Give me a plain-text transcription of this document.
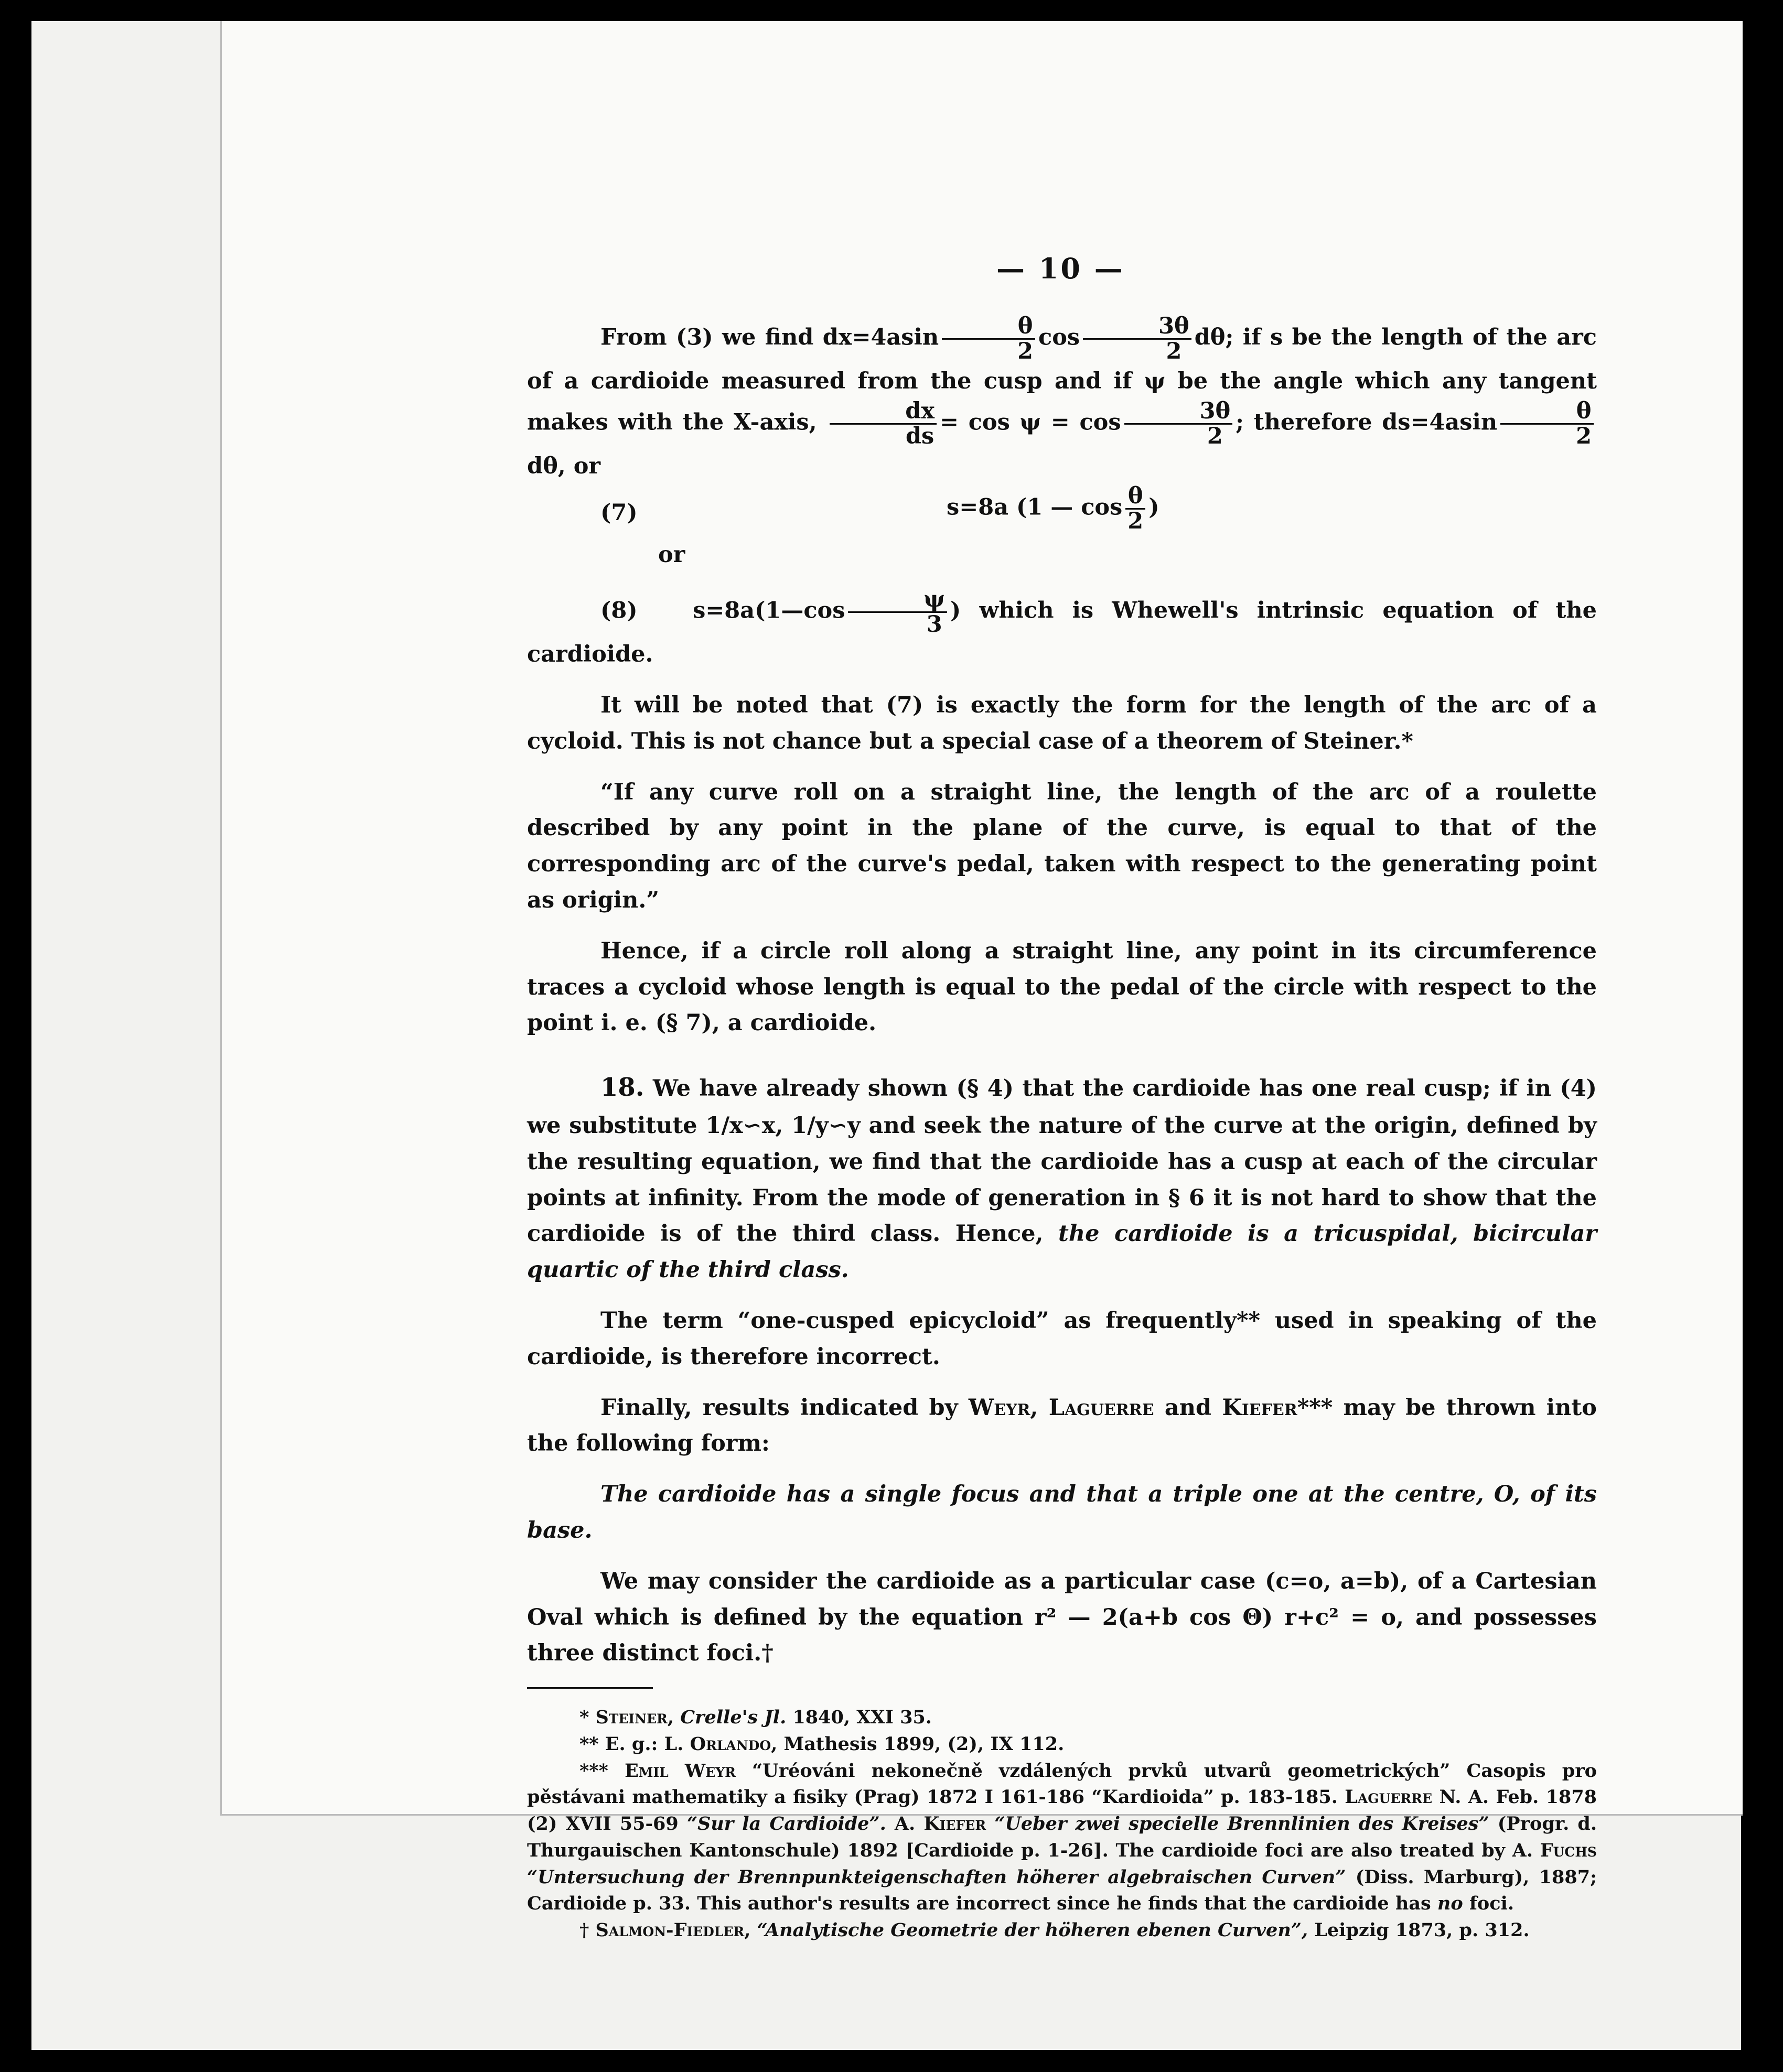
— 10 —

From (3) we find $dx=4asin \frac{\theta}{2}$ $\cos \frac{3\theta}{2} d\theta$; if s be the length of the arc of a cardioide measured from the cusp and if ψ be the angle which any tangent makes with the X-axis, $\frac{dx}{ds} = \cos \psi = \cos \frac{3\theta}{2}$ ; therefore $ds=4asin \frac{\theta}{2}$
dθ, or

(7)	s=8a (1 — $\cos \frac{\theta}{2}$ )

or

(8) s=8a(1—cos $\frac{\psi}{3}$ ) which is Whewell's intrinsic equation of the cardioide.

It will be noted that (7) is exactly the form for the length of the arc of a cycloid. This is not chance but a special case of a theorem of Steiner.*

“If any curve roll on a straight line, the length of the arc of a roulette described by any point in the plane of the curve, is equal to that of the corresponding arc of the curve's pedal, taken with respect to the generating point as origin.”

Hence, if a circle roll along a straight line, any point in its circumference traces a cycloid whose length is equal to the pedal of the circle with respect to the point i. e. (§ 7), a cardioide.

18. We have already shown (§ 4) that the cardioide has one real cusp; if in (4) we substitute 1/x∽x, 1/y∽y and seek the nature of the curve at the origin, defined by the resulting equation, we find that the cardioide has a cusp at each of the circular points at infinity. From the mode of generation in § 6 it is not hard to show that the cardioide is of the third class. Hence, the cardioide is a tricuspidal, bicircular quartic of the third class.

The term “one-cusped epicycloid” as frequently** used in speaking of the cardioide, is therefore incorrect.

Finally, results indicated by Weyr, Laguerre and Kiefer*** may be thrown into the following form:

The cardioide has a single focus and that a triple one at the centre, O, of its base.

We may consider the cardioide as a particular case (c=o, a=b), of a Cartesian Oval which is defined by the equation r² — 2(a+b cos Θ) r+c² = o, and possesses three distinct foci.†

* Steiner, Crelle's Jl. 1840, XXI 35.

** E. g.: L. Orlando, Mathesis 1899, (2), IX 112.

*** Emil Weyr “Uréováni nekonečně vzdálených prvků utvarů geometrických” Casopis pro pěstávani mathematiky a fisiky (Prag) 1872 I 161-186 “Kardioida” p. 183-185. Laguerre N. A. Feb. 1878 (2) XVII 55-69 “Sur la Cardioide”. A. Kiefer “Ueber zwei specielle Brennlinien des Kreises” (Progr. d. Thurgauischen Kantonschule) 1892 [Cardioide p. 1-26]. The cardioide foci are also treated by A. Fuchs “Untersuchung der Brennpunkteigenschaften höherer algebraischen Curven” (Diss. Marburg), 1887; Cardioide p. 33. This author's results are incorrect since he finds that the cardioide has no foci.

† Salmon-Fiedler, “Analytische Geometrie der höheren ebenen Curven”, Leipzig 1873, p. 312.
